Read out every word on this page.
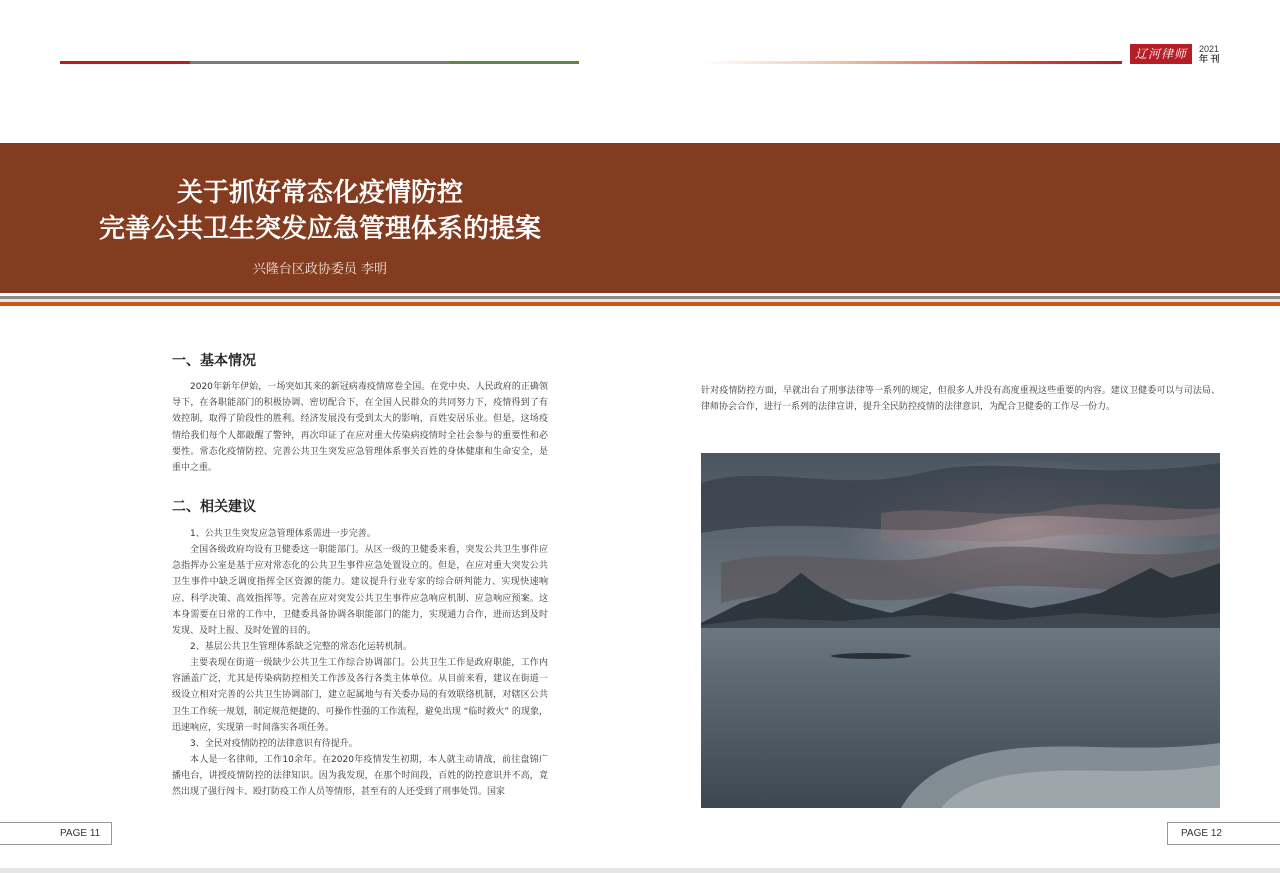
辽河律师	2021
年 刊
关于抓好常态化疫情防控
完善公共卫生突发应急管理体系的提案
兴隆台区政协委员 李明
一、基本情况

2020年新年伊始，一场突如其来的新冠病毒疫情席卷全国。在党中央、人民政府的正确领导下，在各职能部门的积极协调、密切配合下，在全国人民群众的共同努力下，疫情得到了有效控制，取得了阶段性的胜利。经济发展没有受到太大的影响，百姓安居乐业。但是，这场疫情给我们每个人都敲醒了警钟，再次印证了在应对重大传染病疫情时全社会参与的重要性和必要性。常态化疫情防控、完善公共卫生突发应急管理体系事关百姓的身体健康和生命安全，是重中之重。

二、相关建议

1、公共卫生突发应急管理体系需进一步完善。

全国各级政府均设有卫健委这一职能部门。从区一级的卫健委来看，突发公共卫生事件应急指挥办公室是基于应对常态化的公共卫生事件应急处置设立的。但是，在应对重大突发公共卫生事件中缺乏调度指挥全区资源的能力。建议提升行业专家的综合研判能力、实现快速响应、科学决策、高效指挥等。完善在应对突发公共卫生事件应急响应机制、应急响应预案。这本身需要在日常的工作中，卫健委具备协调各职能部门的能力，实现通力合作，进而达到及时发现、及时上报、及时处置的目的。

2、基层公共卫生管理体系缺乏完整的常态化运转机制。

主要表现在街道一级缺少公共卫生工作综合协调部门。公共卫生工作是政府职能，工作内容涵盖广泛，尤其是传染病防控相关工作涉及各行各类主体单位。从目前来看，建议在街道一级设立相对完善的公共卫生协调部门，建立起属地与有关委办局的有效联络机制，对辖区公共卫生工作统一规划，制定规范便捷的、可操作性强的工作流程，避免出现 “临时救火” 的现象，迅速响应，实现第一时间落实各项任务。

3、全民对疫情防控的法律意识有待提升。

本人是一名律师，工作10余年。在2020年疫情发生初期，本人就主动请战，前往盘锦广播电台，讲授疫情防控的法律知识。因为我发现，在那个时间段，百姓的防控意识并不高，竟然出现了强行闯卡、殴打防疫工作人员等情形，甚至有的人还受到了刑事处罚。国家

针对疫情防控方面，早就出台了刑事法律等一系列的规定，但很多人并没有高度重视这些重要的内容。建议卫健委可以与司法局、律师协会合作，进行一系列的法律宣讲，提升全民防控疫情的法律意识，为配合卫健委的工作尽一份力。

PAGE 11	PAGE 12
